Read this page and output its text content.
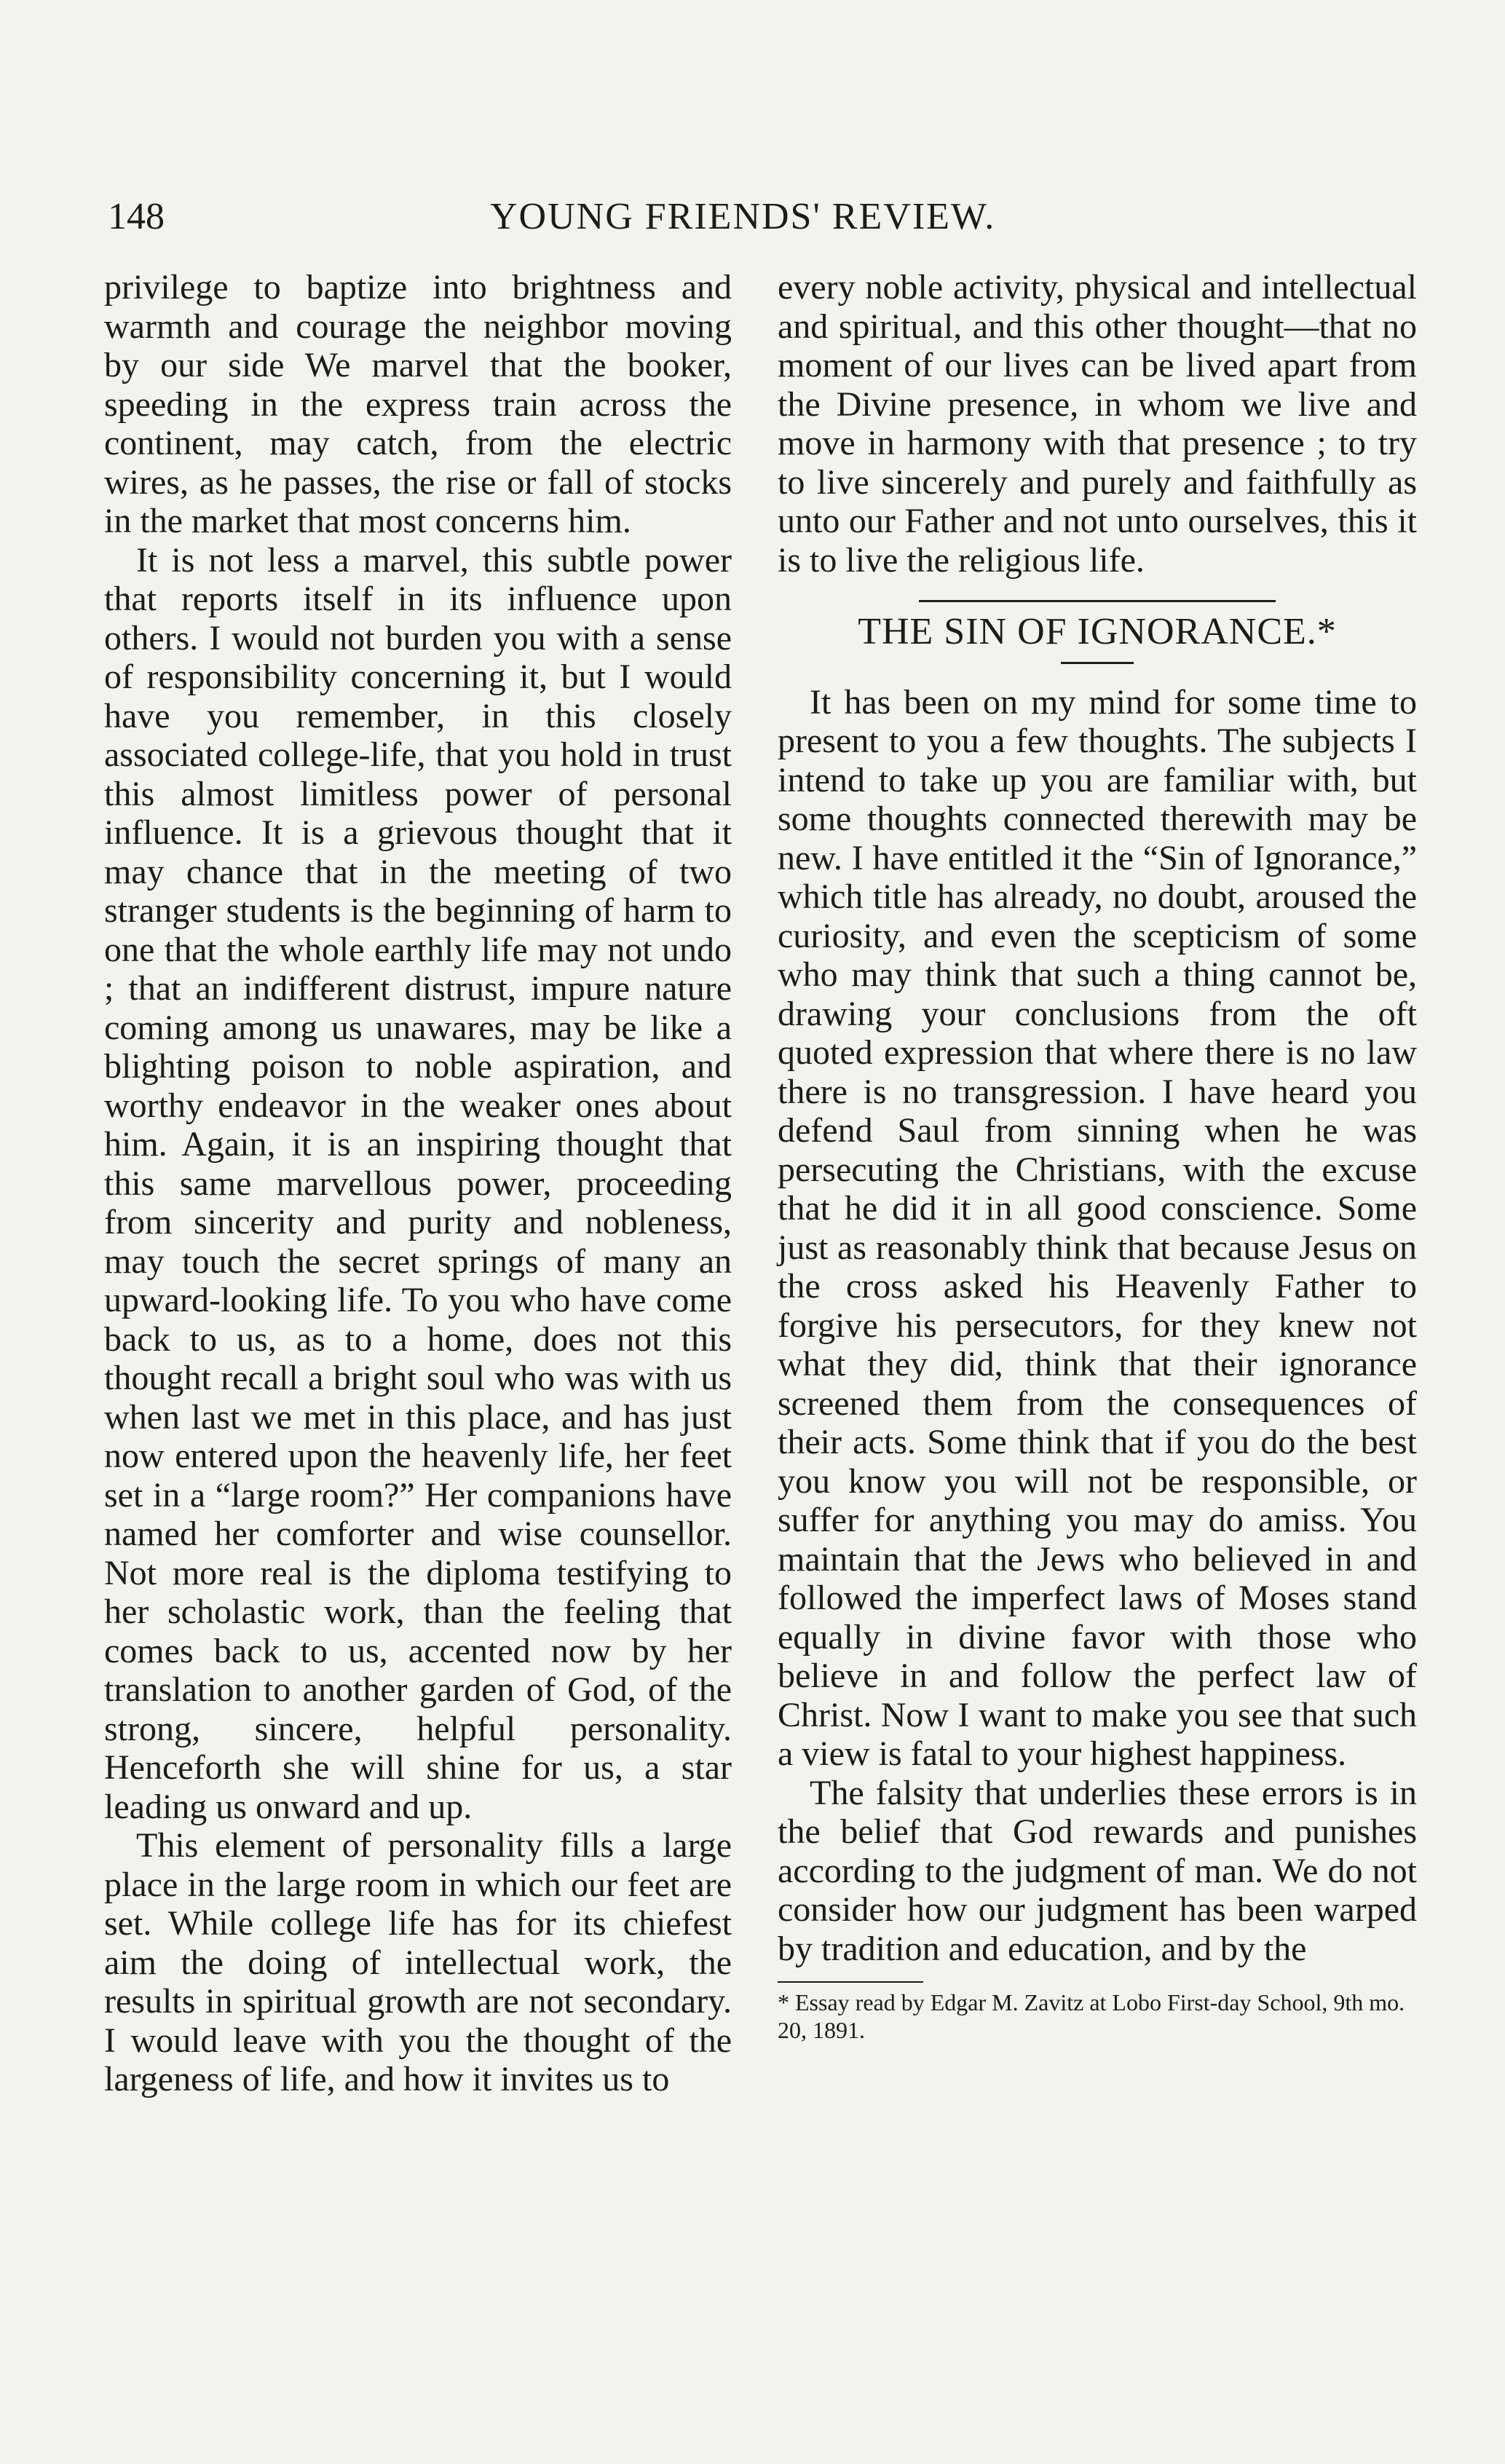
148	YOUNG FRIENDS' REVIEW.

privilege to baptize into brightness and warmth and courage the neighbor moving by our side We marvel that the booker, speeding in the express train across the continent, may catch, from the electric wires, as he passes, the rise or fall of stocks in the market that most concerns him.

It is not less a marvel, this subtle power that reports itself in its influence upon others. I would not burden you with a sense of responsibility concerning it, but I would have you remember, in this closely associated college-life, that you hold in trust this almost limitless power of personal influence. It is a grievous thought that it may chance that in the meeting of two stranger students is the beginning of harm to one that the whole earthly life may not undo ; that an indifferent distrust, impure nature coming among us unawares, may be like a blighting poison to noble aspiration, and worthy endeavor in the weaker ones about him. Again, it is an inspiring thought that this same marvellous power, proceeding from sincerity and purity and nobleness, may touch the secret springs of many an upward-looking life. To you who have come back to us, as to a home, does not this thought recall a bright soul who was with us when last we met in this place, and has just now entered upon the heavenly life, her feet set in a “large room?” Her companions have named her comforter and wise counsellor. Not more real is the diploma testifying to her scholastic work, than the feeling that comes back to us, accented now by her translation to another garden of God, of the strong, sincere, helpful personality. Henceforth she will shine for us, a star leading us onward and up.

This element of personality fills a large place in the large room in which our feet are set. While college life has for its chiefest aim the doing of intellectual work, the results in spiritual growth are not secondary. I would leave with you the thought of the largeness of life, and how it invites us to

every noble activity, physical and intellectual and spiritual, and this other thought—that no moment of our lives can be lived apart from the Divine presence, in whom we live and move in harmony with that presence ; to try to live sincerely and purely and faithfully as unto our Father and not unto ourselves, this it is to live the religious life.

THE SIN OF IGNORANCE.*

It has been on my mind for some time to present to you a few thoughts. The subjects I intend to take up you are familiar with, but some thoughts connected therewith may be new. I have entitled it the “Sin of Ignorance,” which title has already, no doubt, aroused the curiosity, and even the scepticism of some who may think that such a thing cannot be, drawing your conclusions from the oft quoted expression that where there is no law there is no transgression. I have heard you defend Saul from sinning when he was persecuting the Christians, with the excuse that he did it in all good conscience. Some just as reasonably think that because Jesus on the cross asked his Heavenly Father to forgive his persecutors, for they knew not what they did, think that their ignorance screened them from the consequences of their acts. Some think that if you do the best you know you will not be responsible, or suffer for anything you may do amiss. You maintain that the Jews who believed in and followed the imperfect laws of Moses stand equally in divine favor with those who believe in and follow the perfect law of Christ. Now I want to make you see that such a view is fatal to your highest happiness.

The falsity that underlies these errors is in the belief that God rewards and punishes according to the judgment of man. We do not consider how our judgment has been warped by tradition and education, and by the

* Essay read by Edgar M. Zavitz at Lobo First-day School, 9th mo. 20, 1891.
